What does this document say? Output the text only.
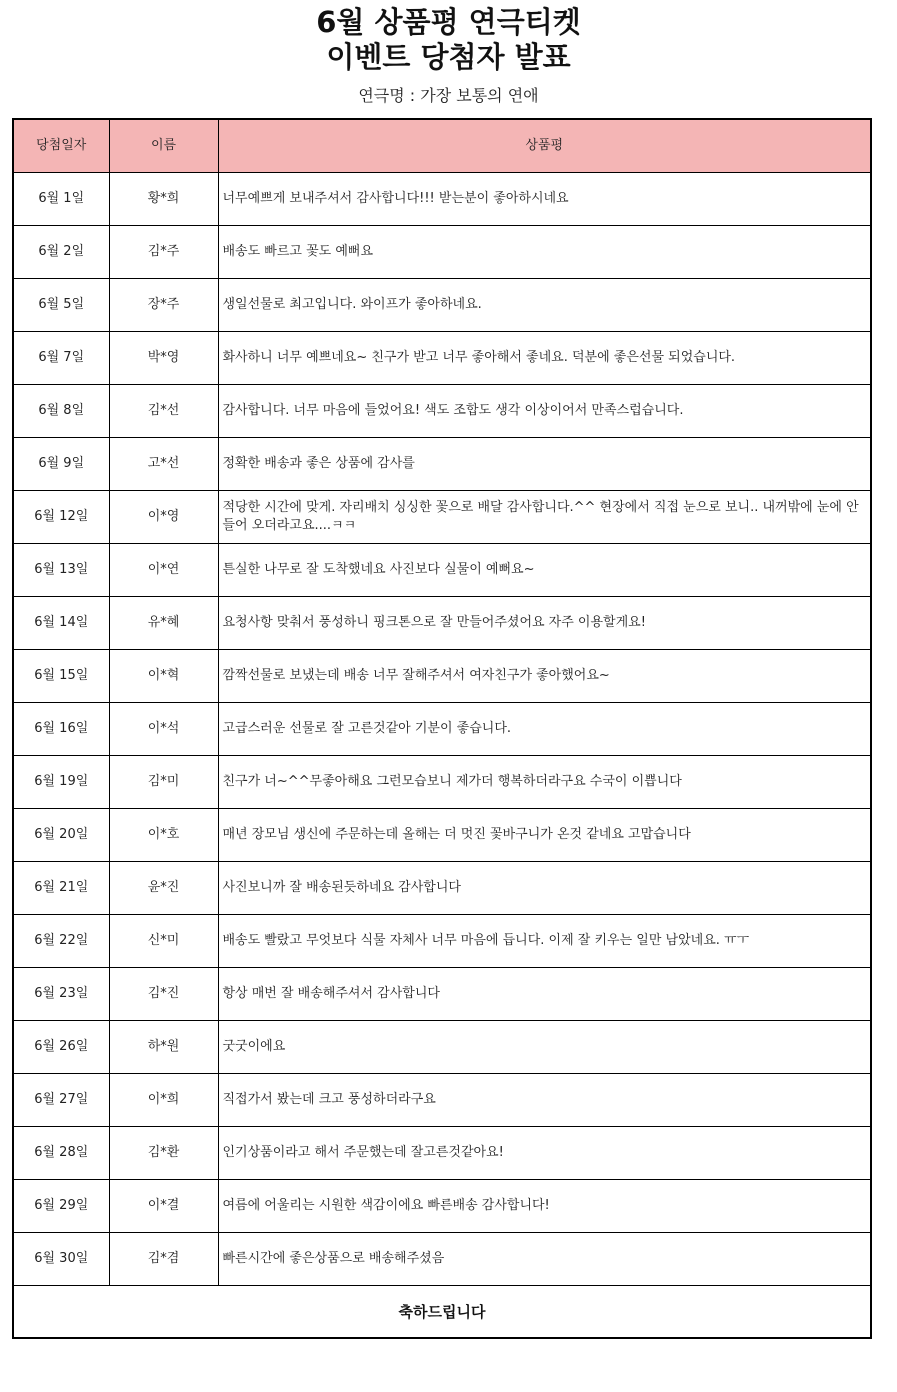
6월 상품평 연극티켓
이벤트 당첨자 발표
연극명 : 가장 보통의 연애
당첨일자	이름	상품평
6월 1일	황*희	너무예쁘게 보내주셔서 감사합니다!!! 받는분이 좋아하시네요
6월 2일	김*주	배송도 빠르고 꽃도 예뻐요
6월 5일	장*주	생일선물로 최고입니다. 와이프가 좋아하네요.
6월 7일	박*영	화사하니 너무 예쁘네요~ 친구가 받고 너무 좋아해서 좋네요. 덕분에 좋은선물 되었습니다.
6월 8일	김*선	감사합니다. 너무 마음에 들었어요! 색도 조합도 생각 이상이어서 만족스럽습니다.
6월 9일	고*선	정확한 배송과 좋은 상품에 감사를
6월 12일	이*영	적당한 시간에 맞게. 자리배치 싱싱한 꽃으로 배달 감사합니다.^^ 현장에서 직접 눈으로 보니.. 내꺼밖에 눈에 안들어 오더라고요....ㅋㅋ
6월 13일	이*연	튼실한 나무로 잘 도착했네요 사진보다 실물이 예뻐요~
6월 14일	유*혜	요청사항 맞춰서 풍성하니 핑크톤으로 잘 만들어주셨어요 자주 이용할게요!
6월 15일	이*혁	깜짝선물로 보냈는데 배송 너무 잘해주셔서 여자친구가 좋아했어요~
6월 16일	이*석	고급스러운 선물로 잘 고른것같아 기분이 좋습니다.
6월 19일	김*미	친구가 너~^^무좋아해요 그런모습보니 제가더 행복하더라구요 수국이 이쁩니다
6월 20일	이*호	매년 장모님 생신에 주문하는데 올해는 더 멋진 꽃바구니가 온것 같네요 고맙습니다
6월 21일	윤*진	사진보니까 잘 배송된듯하네요 감사합니다
6월 22일	신*미	배송도 빨랐고 무엇보다 식물 자체사 너무 마음에 듭니다. 이제 잘 키우는 일만 남았네요. ㅠㅜ
6월 23일	김*진	항상 매번 잘 배송해주셔서 감사합니다
6월 26일	하*원	굿굿이에요
6월 27일	이*희	직접가서 봤는데 크고 풍성하더라구요
6월 28일	김*환	인기상품이라고 해서 주문했는데 잘고른것같아요!
6월 29일	이*결	여름에 어울리는 시원한 색감이에요 빠른배송 감사합니다!
6월 30일	김*겸	빠른시간에 좋은상품으로 배송해주셨음
축하드립니다		
